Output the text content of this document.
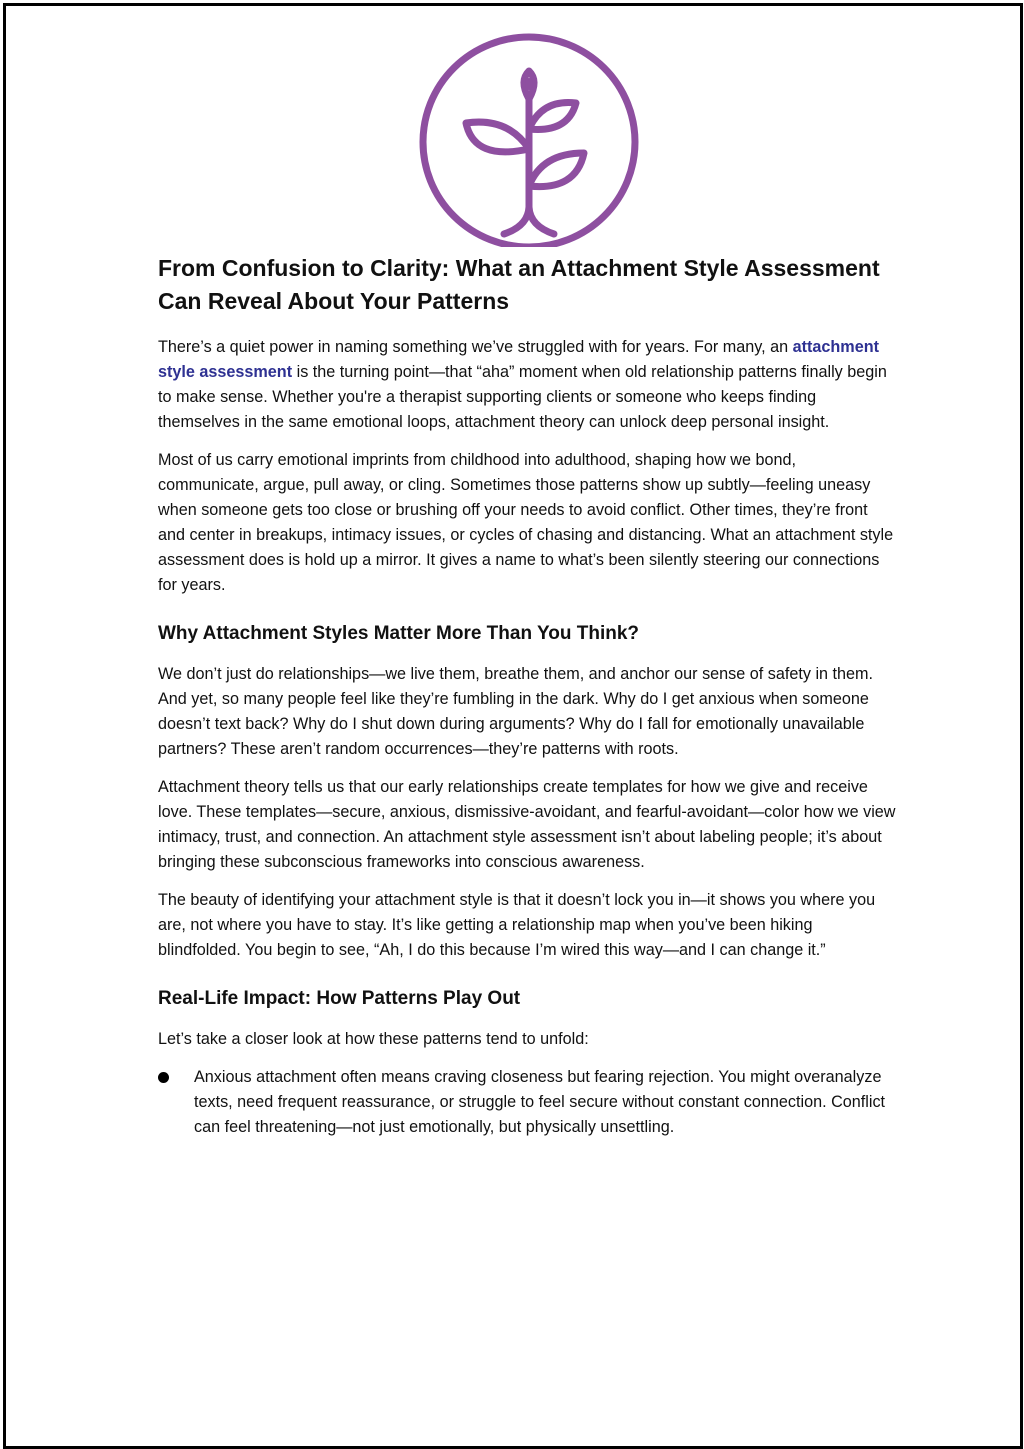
From Confusion to Clarity: What an Attachment Style Assessment Can Reveal About Your Patterns

There’s a quiet power in naming something we’ve struggled with for years. For many, an attachment style assessment is the turning point—that “aha” moment when old relationship patterns finally begin to make sense. Whether you're a therapist supporting clients or someone who keeps finding themselves in the same emotional loops, attachment theory can unlock deep personal insight.

Most of us carry emotional imprints from childhood into adulthood, shaping how we bond, communicate, argue, pull away, or cling. Sometimes those patterns show up subtly—feeling uneasy when someone gets too close or brushing off your needs to avoid conflict. Other times, they’re front and center in breakups, intimacy issues, or cycles of chasing and distancing. What an attachment style assessment does is hold up a mirror. It gives a name to what’s been silently steering our connections for years.

Why Attachment Styles Matter More Than You Think?

We don’t just do relationships—we live them, breathe them, and anchor our sense of safety in them. And yet, so many people feel like they’re fumbling in the dark. Why do I get anxious when someone doesn’t text back? Why do I shut down during arguments? Why do I fall for emotionally unavailable partners? These aren’t random occurrences—they’re patterns with roots.

Attachment theory tells us that our early relationships create templates for how we give and receive love. These templates—secure, anxious, dismissive-avoidant, and fearful-avoidant—color how we view intimacy, trust, and connection. An attachment style assessment isn’t about labeling people; it’s about bringing these subconscious frameworks into conscious awareness.

The beauty of identifying your attachment style is that it doesn’t lock you in—it shows you where you are, not where you have to stay. It’s like getting a relationship map when you’ve been hiking blindfolded. You begin to see, “Ah, I do this because I’m wired this way—and I can change it.”

Real-Life Impact: How Patterns Play Out

Let’s take a closer look at how these patterns tend to unfold:

Anxious attachment often means craving closeness but fearing rejection. You might overanalyze texts, need frequent reassurance, or struggle to feel secure without constant connection. Conflict can feel threatening—not just emotionally, but physically unsettling.
